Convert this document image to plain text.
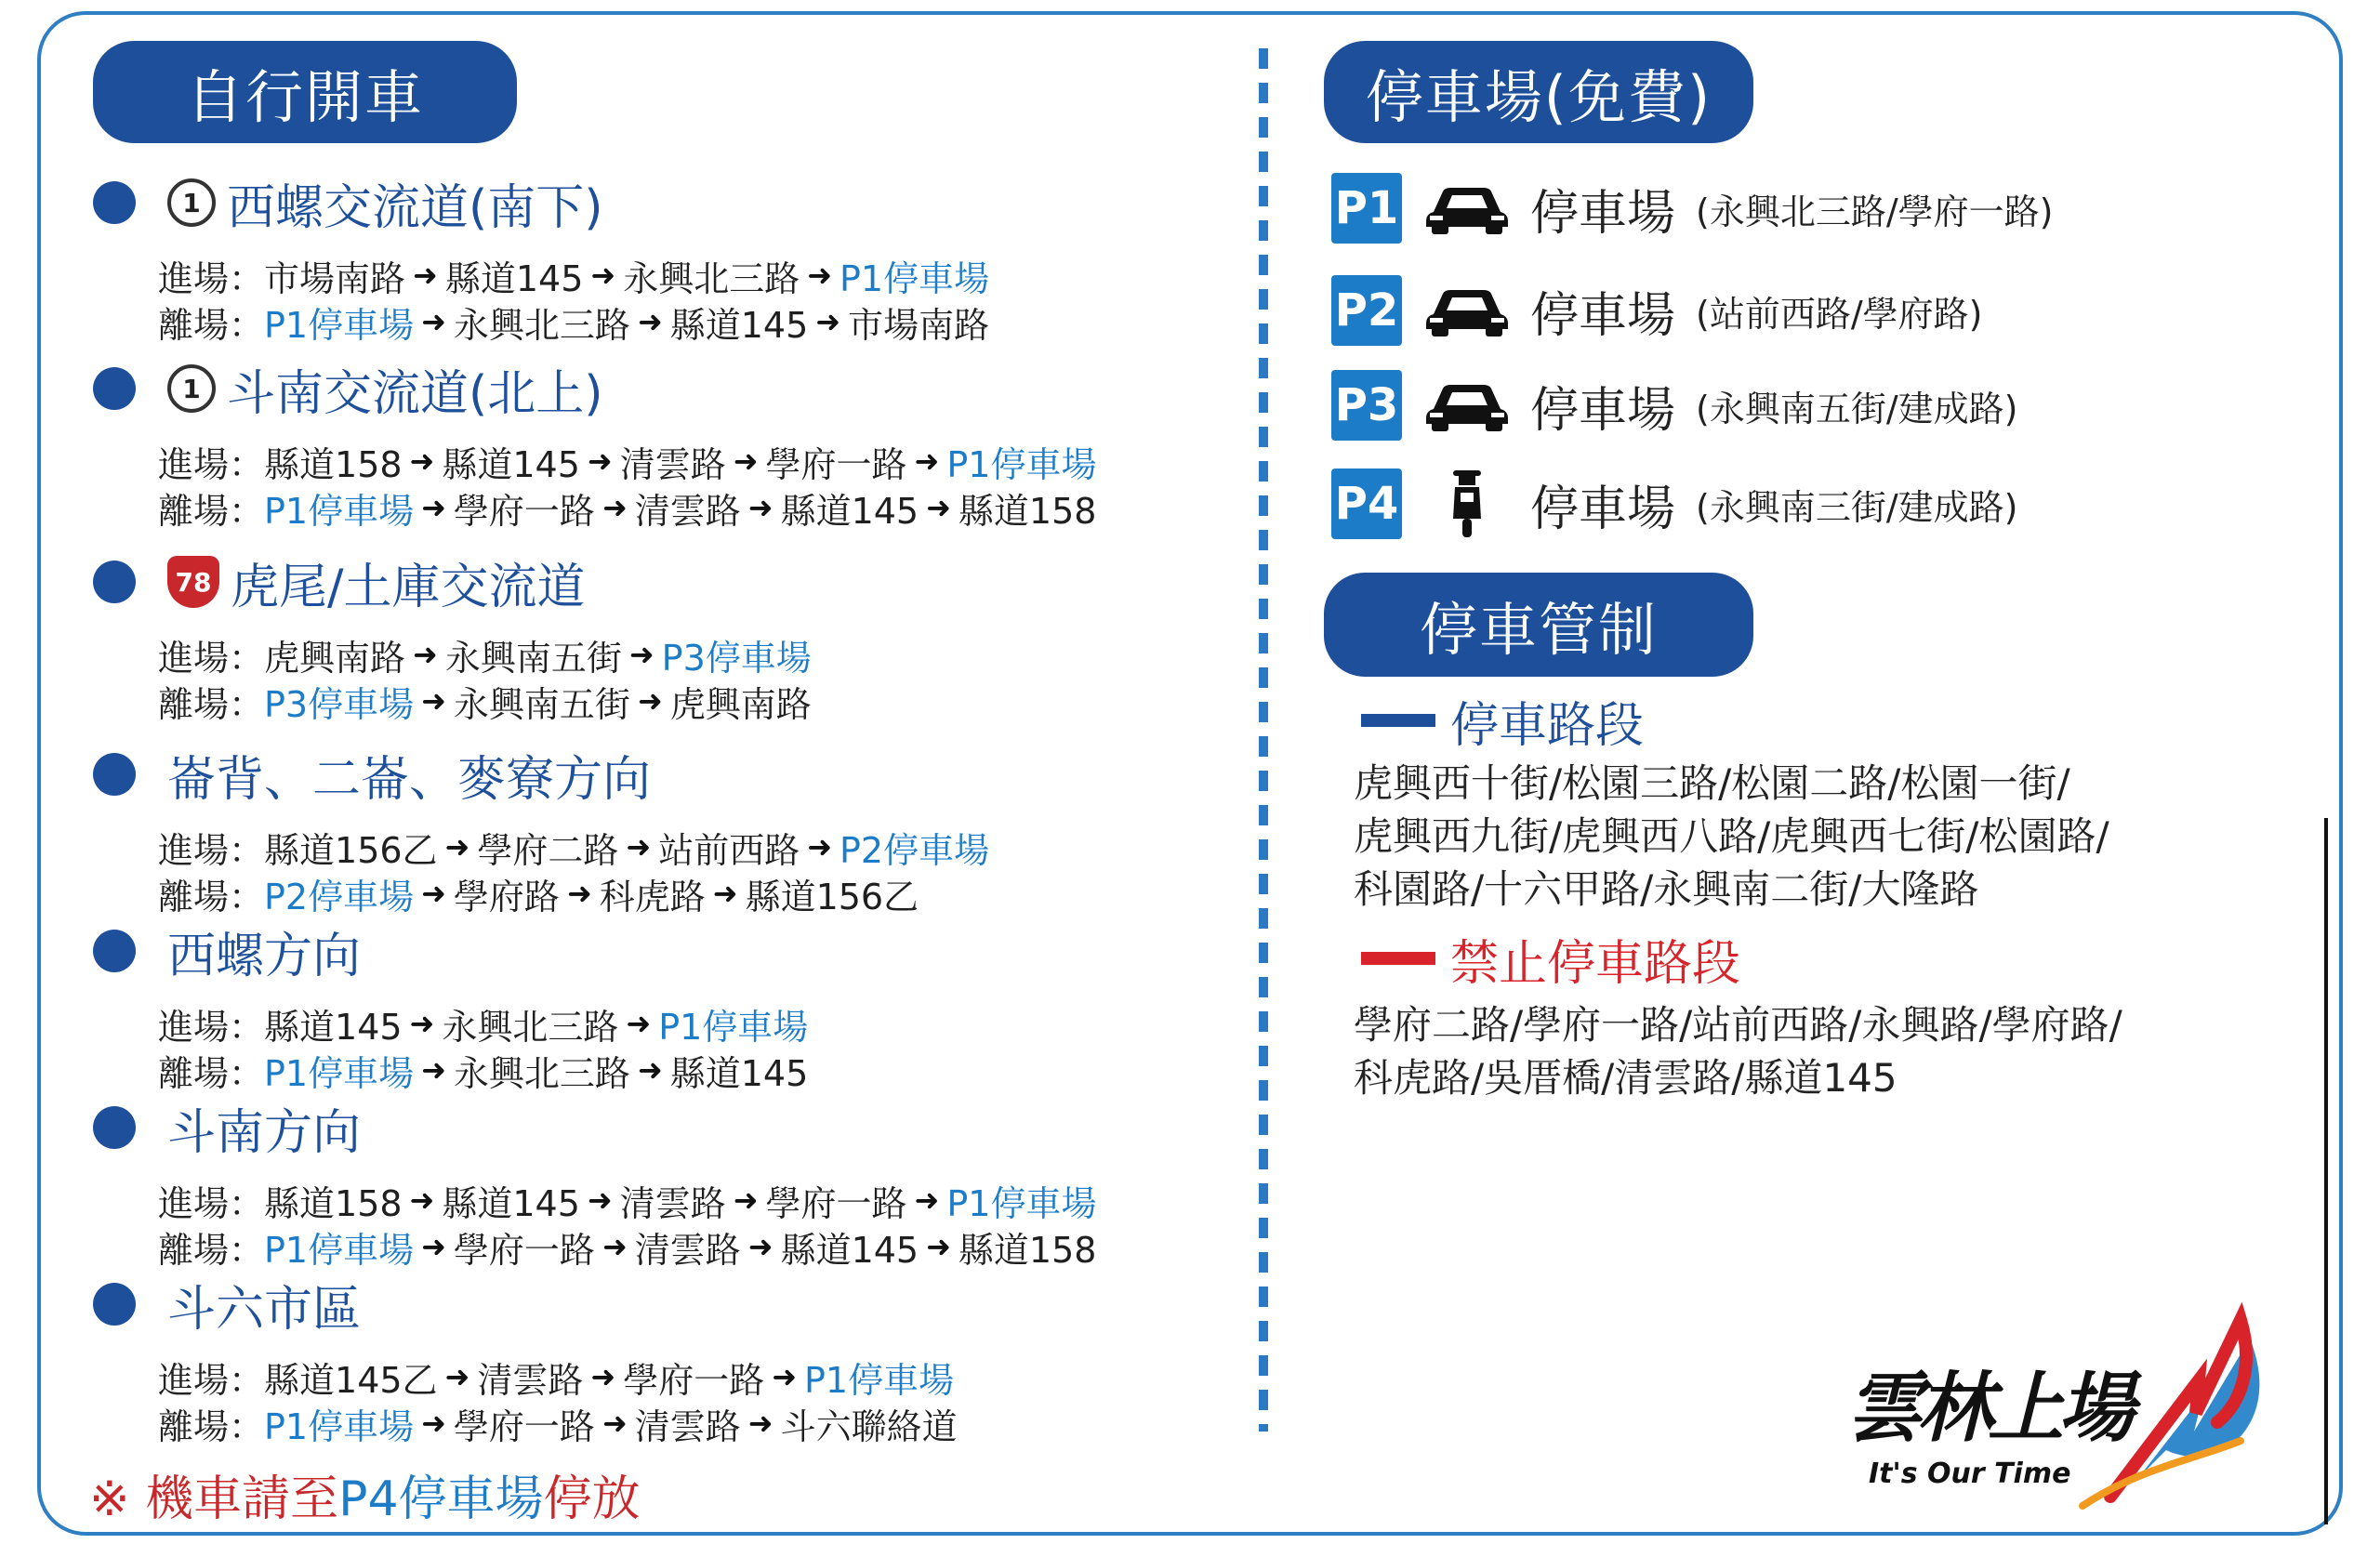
自行開車
1 西螺交流道(南下)
進場： 市場南路 ➜ 縣道145 ➜ 永興北三路 ➜ P1停車場
離場： P1停車場 ➜ 永興北三路 ➜ 縣道145 ➜ 市場南路
1 斗南交流道(北上)
進場： 縣道158 ➜ 縣道145 ➜ 清雲路 ➜ 學府一路 ➜ P1停車場
離場： P1停車場 ➜ 學府一路 ➜ 清雲路 ➜ 縣道145 ➜ 縣道158
78 虎尾/土庫交流道
進場： 虎興南路 ➜ 永興南五街 ➜ P3停車場
離場： P3停車場 ➜ 永興南五街 ➜ 虎興南路
崙背、二崙、麥寮方向
進場： 縣道156乙 ➜ 學府二路 ➜ 站前西路 ➜ P2停車場
離場： P2停車場 ➜ 學府路 ➜ 科虎路 ➜ 縣道156乙
西螺方向
進場： 縣道145 ➜ 永興北三路 ➜ P1停車場
離場： P1停車場 ➜ 永興北三路 ➜ 縣道145
斗南方向
進場： 縣道158 ➜ 縣道145 ➜ 清雲路 ➜ 學府一路 ➜ P1停車場
離場： P1停車場 ➜ 學府一路 ➜ 清雲路 ➜ 縣道145 ➜ 縣道158
斗六市區
進場： 縣道145乙 ➜ 清雲路 ➜ 學府一路 ➜ P1停車場
離場： P1停車場 ➜ 學府一路 ➜ 清雲路 ➜ 斗六聯絡道
※ 機車請至P4停車場停放
停車場(免費)
P1	停車場 (永興北三路/學府一路)
P2	停車場 (站前西路/學府路)
P3	停車場 (永興南五街/建成路)
P4	停車場 (永興南三街/建成路)
停車管制
停車路段
虎興西十街/松園三路/松園二路/松園一街/
虎興西九街/虎興西八路/虎興西七街/松園路/
科園路/十六甲路/永興南二街/大隆路
禁止停車路段
學府二路/學府一路/站前西路/永興路/學府路/
科虎路/吳厝橋/清雲路/縣道145
雲林上場
It's Our Time
